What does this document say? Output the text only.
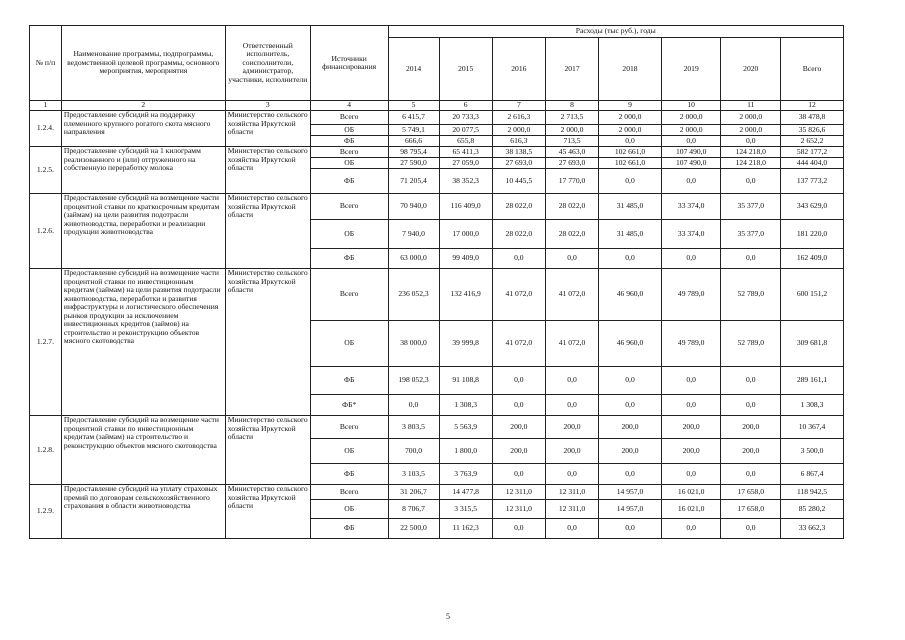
№ п/п	Наименование программы, подпрограммы, ведомственной целевой программы, основного мероприятия, мероприятия	Ответственный исполнитель, соисполнители, администратор, участники, исполнители	Источники финансирования	Расходы (тыс руб.), годы							
				2014	2015	2016	2017	2018	2019	2020	Всего
1	2	3	4	5	6	7	8	9	10	11	12
1.2.4.	Предоставление субсидий на поддержку племенного крупного рогатого скота мясного направления	Министерство сельского хозяйства Иркутской области	Всего	6 415,7	20 733,3	2 616,3	2 713,5	2 000,0	2 000,0	2 000,0	38 478,8
			ОБ	5 749,1	20 077,5	2 000,0	2 000,0	2 000,0	2 000,0	2 000,0	35 826,6
			ФБ	666,6	655,8	616,3	713,5	0,0	0,0	0,0	2 652,2
1.2.5.	Предоставление субсидий на 1 килограмм реализованного и (или) отгруженного на собственную переработку молока	Министерство сельского хозяйства Иркутской области	Всего	98 795,4	65 411,3	38 138,5	45 463,0	102 661,0	107 490,0	124 218,0	582 177,2
			ОБ	27 590,0	27 059,0	27 693,0	27 693,0	102 661,0	107 490,0	124 218,0	444 404,0
			ФБ	71 205,4	38 352,3	10 445,5	17 770,0	0,0	0,0	0,0	137 773,2
1.2.6.	Предоставление субсидий на возмещение части процентной ставки по краткосрочным кредитам (займам) на цели развития подотрасли животноводства, переработки и реализации продукции животноводства	Министерство сельского хозяйства Иркутской области	Всего	70 940,0	116 409,0	28 022,0	28 022,0	31 485,0	33 374,0	35 377,0	343 629,0
			ОБ	7 940,0	17 000,0	28 022,0	28 022,0	31 485,0	33 374,0	35 377,0	181 220,0
			ФБ	63 000,0	99 409,0	0,0	0,0	0,0	0,0	0,0	162 409,0
1.2.7.	Предоставление субсидий на возмещение части процентной ставки по инвестиционным кредитам (займам) на цели развития подотрасли животноводства, переработки и развития инфраструктуры и логистического обеспечения рынков продукции за исключением инвестиционных кредитов (займов) на строительство и реконструкцию объектов мясного скотоводства	Министерство сельского хозяйства Иркутской области	Всего	236 052,3	132 416,9	41 072,0	41 072,0	46 960,0	49 789,0	52 789,0	600 151,2
			ОБ	38 000,0	39 999,8	41 072,0	41 072,0	46 960,0	49 789,0	52 789,0	309 681,8
			ФБ	198 052,3	91 108,8	0,0	0,0	0,0	0,0	0,0	289 161,1
			ФБ*	0,0	1 308,3	0,0	0,0	0,0	0,0	0,0	1 308,3
1.2.8.	Предоставление субсидий на возмещение части процентной ставки по инвестиционным кредитам (займам) на строительство и реконструкцию объектов мясного скотоводства	Министерство сельского хозяйства Иркутской области	Всего	3 803,5	5 563,9	200,0	200,0	200,0	200,0	200,0	10 367,4
			ОБ	700,0	1 800,0	200,0	200,0	200,0	200,0	200,0	3 500,0
			ФБ	3 103,5	3 763,9	0,0	0,0	0,0	0,0	0,0	6 867,4
1.2.9.	Предоставление субсидий на уплату страховых премий по договорам сельскохозяйственного страхования в области животноводства	Министерство сельского хозяйства Иркутской области	Всего	31 206,7	14 477,8	12 311,0	12 311,0	14 957,0	16 021,0	17 658,0	118 942,5
			ОБ	8 706,7	3 315,5	12 311,0	12 311,0	14 957,0	16 021,0	17 658,0	85 280,2
			ФБ	22 500,0	11 162,3	0,0	0,0	0,0	0,0	0,0	33 662,3
5
